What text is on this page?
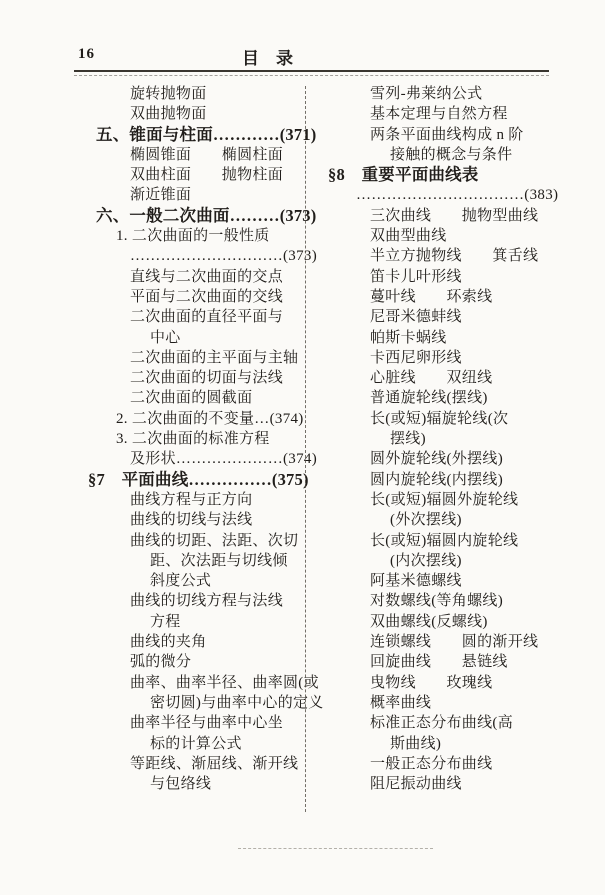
16	目　录
旋转抛物面
双曲抛物面
五、锥面与柱面…………(371)
椭圆锥面　　椭圆柱面
双曲柱面　　抛物柱面
渐近锥面
六、一般二次曲面………(373)
1. 二次曲面的一般性质
…………………………(373)
直线与二次曲面的交点
平面与二次曲面的交线
二次曲面的直径平面与
中心
二次曲面的主平面与主轴
二次曲面的切面与法线
二次曲面的圆截面
2. 二次曲面的不变量…(374)
3. 二次曲面的标准方程
及形状…………………(374)
§7　平面曲线……………(375)
曲线方程与正方向
曲线的切线与法线
曲线的切距、法距、次切
距、次法距与切线倾
斜度公式
曲线的切线方程与法线
方程
曲线的夹角
弧的微分
曲率、曲率半径、曲率圆(或
密切圆)与曲率中心的定义
曲率半径与曲率中心坐
标的计算公式
等距线、渐屈线、渐开线
与包络线
雪列-弗莱纳公式
基本定理与自然方程
两条平面曲线构成 n 阶
接触的概念与条件
§8　重要平面曲线表
……………………………(383)
三次曲线　　抛物型曲线
双曲型曲线
半立方抛物线　　箕舌线
笛卡儿叶形线
蔓叶线　　环索线
尼哥米德蚌线
帕斯卡蜗线
卡西尼卵形线
心脏线　　双纽线
普通旋轮线(摆线)
长(或短)辐旋轮线(次
摆线)
圆外旋轮线(外摆线)
圆内旋轮线(内摆线)
长(或短)辐圆外旋轮线
(外次摆线)
长(或短)辐圆内旋轮线
(内次摆线)
阿基米德螺线
对数螺线(等角螺线)
双曲螺线(反螺线)
连锁螺线　　圆的渐开线
回旋曲线　　悬链线
曳物线　　玫瑰线
概率曲线
标准正态分布曲线(高
斯曲线)
一般正态分布曲线
阻尼振动曲线
